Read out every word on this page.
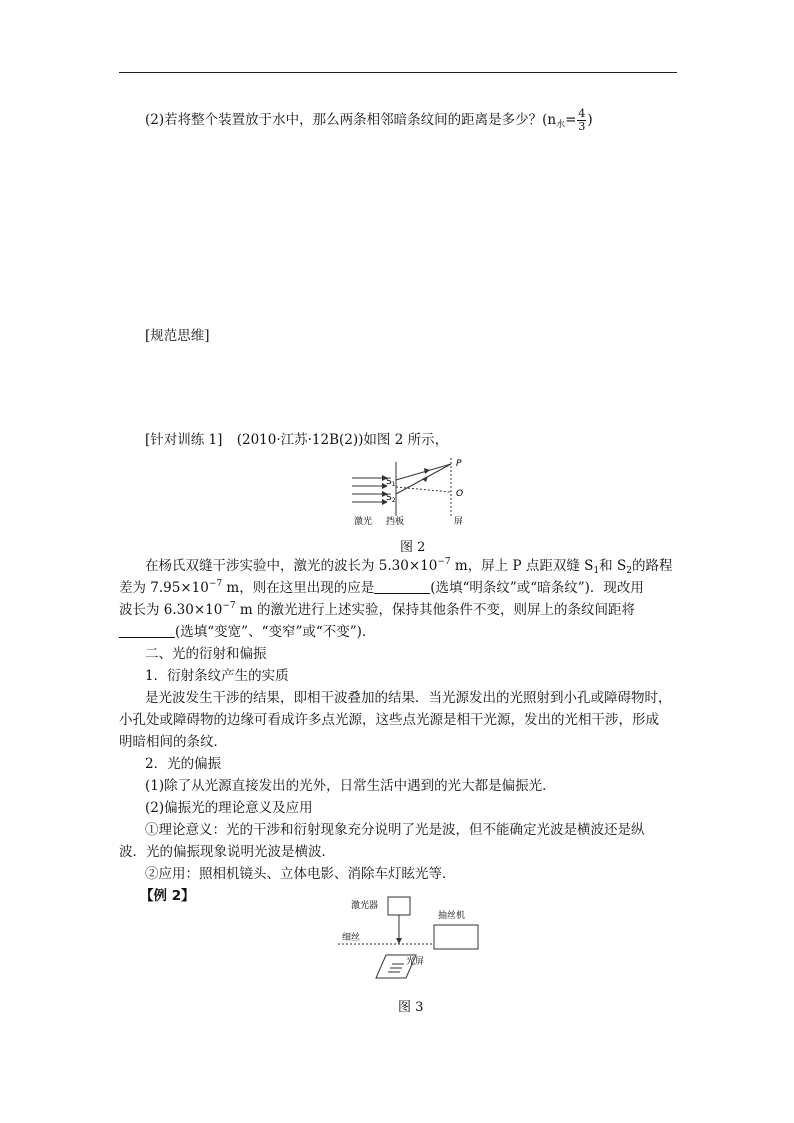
(2)若将整个装置放于水中，那么两条相邻暗条纹间的距离是多少？($n_水= \frac{4}{3}$ )
[规范思维]
[针对训练 1] (2010·江苏·12B(2))如图 2 所示，
$S_1$
$S_2$
P
O
激光 挡板	屏
图 2
在杨氏双缝干涉实验中，激光的波长为 $5.30\times 10^{-7}$ m，屏上 P 点距双缝 $S_1$和 $S_2$的路程
差为 $7.95\times 10^{-7}$ m，则在这里出现的应是	(选填“明条纹”或“暗条纹”)．现改用
波长为 $6.30\times 10^{-7}$ m 的激光进行上述实验，保持其他条件不变，则屏上的条纹间距将
(选填“变宽”、“变窄”或“不变”)．
二、光的衍射和偏振
1．衍射条纹产生的实质
是光波发生干涉的结果，即相干波叠加的结果．当光源发出的光照射到小孔或障碍物时，
小孔处或障碍物的边缘可看成许多点光源，这些点光源是相干光源，发出的光相干涉，形成
明暗相间的条纹．
2．光的偏振
(1)除了从光源直接发出的光外，日常生活中遇到的光大都是偏振光．
(2)偏振光的理论意义及应用
①理论意义：光的干涉和衍射现象充分说明了光是波，但不能确定光波是横波还是纵
波．光的偏振现象说明光波是横波．
②应用：照相机镜头、立体电影、消除车灯眩光等．
【例 2】
激光器
抽丝机
细丝
光屏
图 3
